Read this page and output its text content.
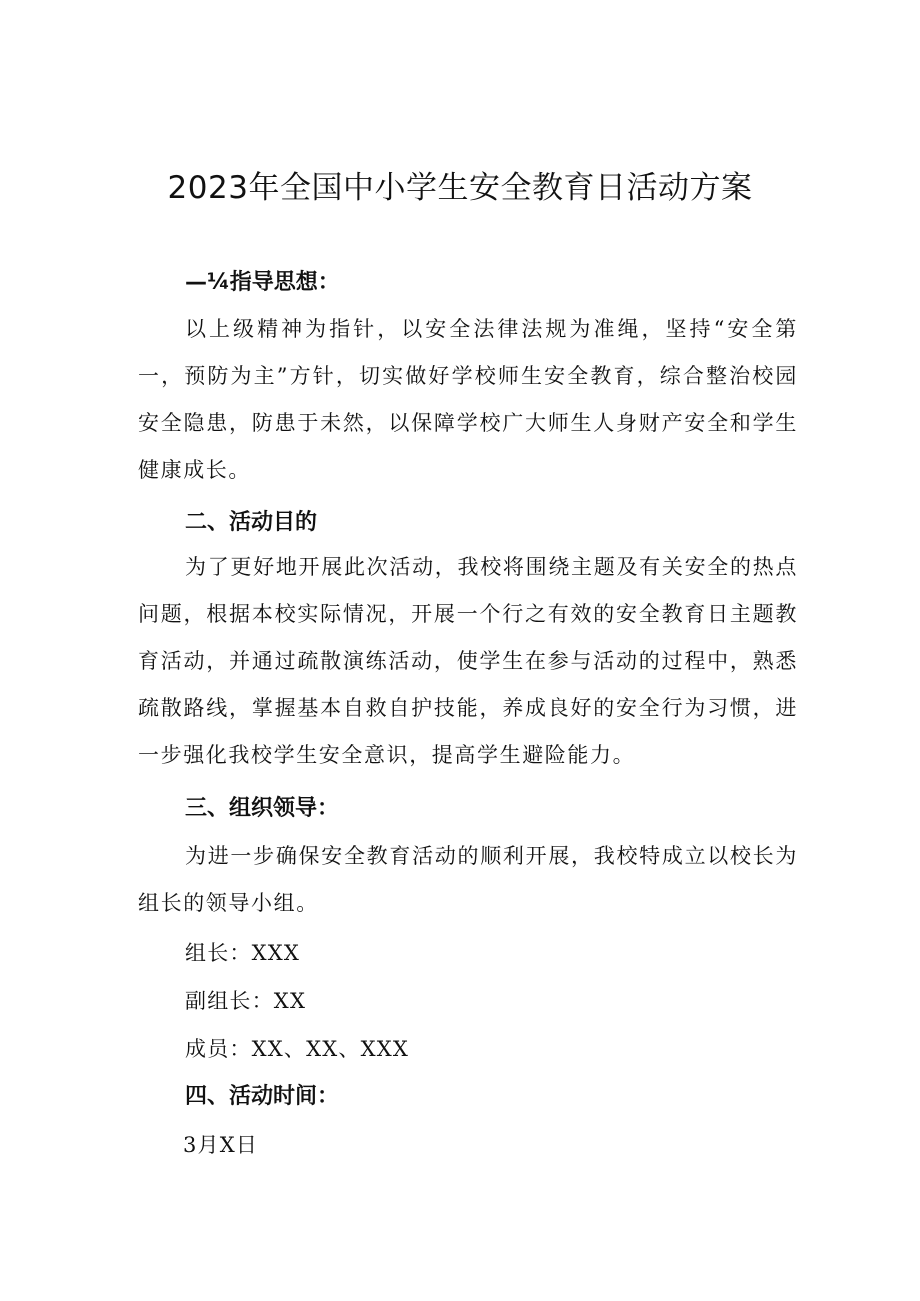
2023年全国中小学生安全教育日活动方案
—¼指导思想：

以上级精神为指针，以安全法律法规为准绳，坚持“安全第一，预防为主”方针，切实做好学校师生安全教育，综合整治校园安全隐患，防患于未然，以保障学校广大师生人身财产安全和学生健康成长。

二、活动目的

为了更好地开展此次活动，我校将围绕主题及有关安全的热点问题，根据本校实际情况，开展一个行之有效的安全教育日主题教育活动，并通过疏散演练活动，使学生在参与活动的过程中，熟悉疏散路线，掌握基本自救自护技能，养成良好的安全行为习惯，进一步强化我校学生安全意识，提高学生避险能力。

三、组织领导：

为进一步确保安全教育活动的顺利开展，我校特成立以校长为组长的领导小组。

组长：XXX
副组长：XX
成员：XX、XX、XXX
四、活动时间：
3月X日
